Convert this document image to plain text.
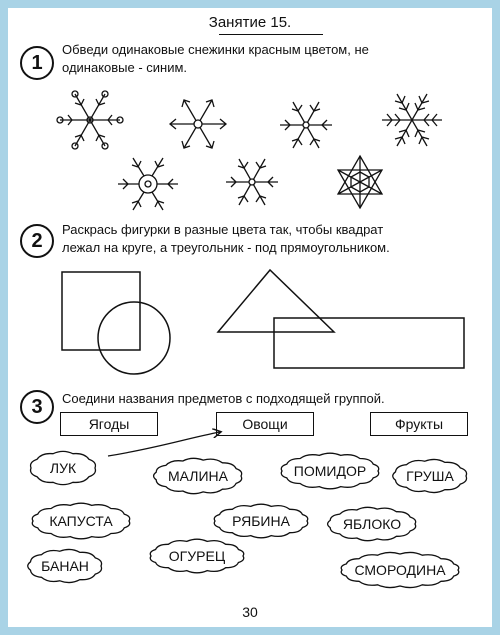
Занятие 15.
1
Обведи одинаковые снежинки красным цветом, не
одинаковые - синим.
2
Раскрась фигурки в разные цвета так, чтобы квадрат
лежал на круге, а треугольник - под прямоугольником.
3	Соедини названия предметов с подходящей группой.
Ягоды	Овощи	Фрукты
30
ЛУК	МАЛИНА	ПОМИДОР	ГРУША
КАПУСТА	РЯБИНА	ЯБЛОКО
ОГУРЕЦ
БАНАН	СМОРОДИНА
